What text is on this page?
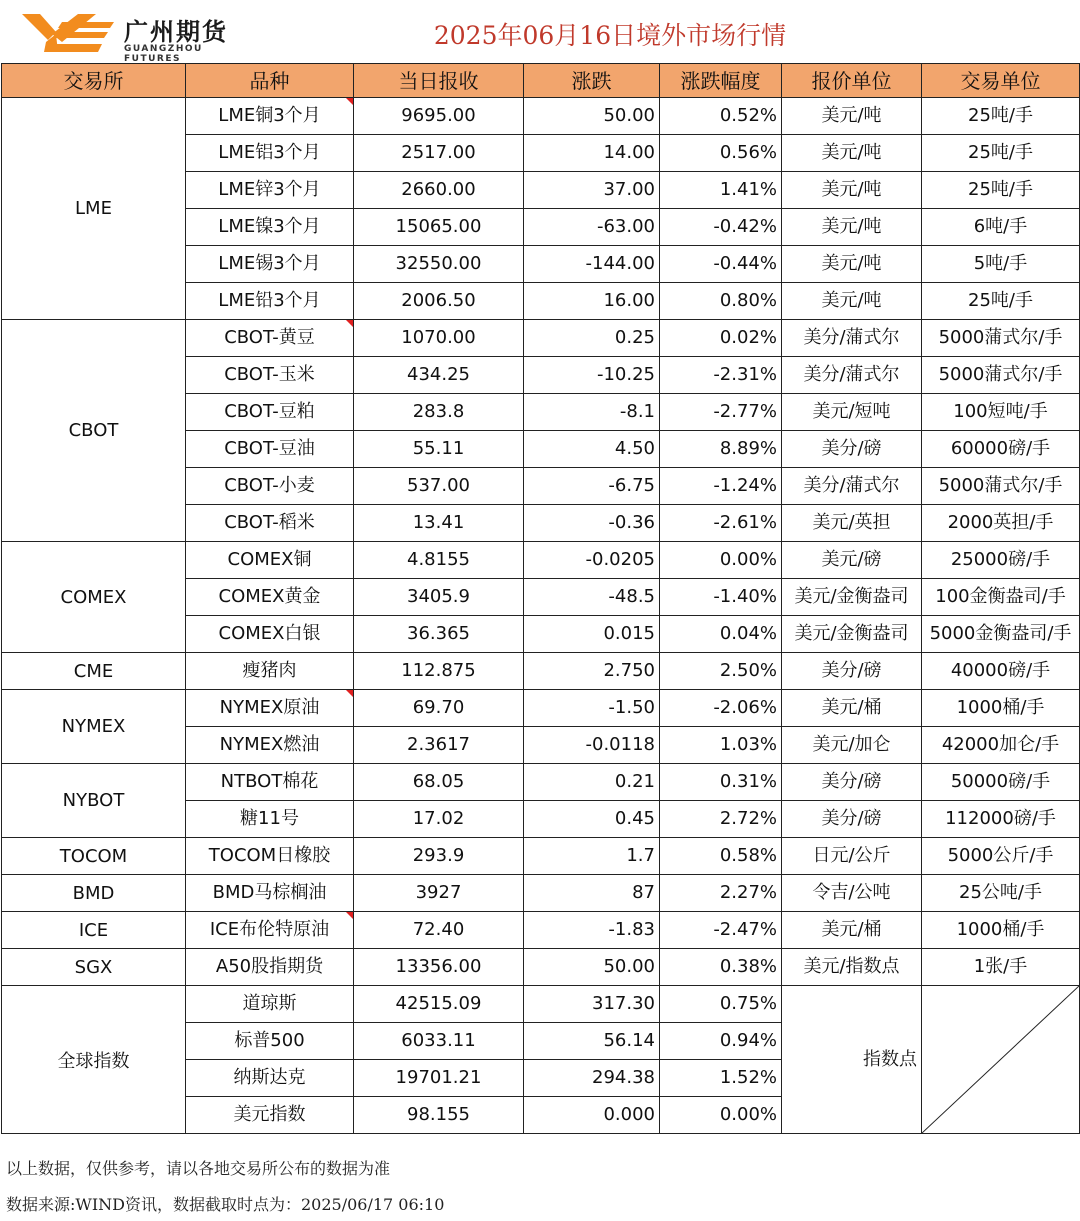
广州期货
GUANGZHOU FUTURES
2025年06月16日境外市场行情
交易所	品种	当日报收	涨跌	涨跌幅度	报价单位	交易单位
LME	LME铜3个月	9695.00	50.00	0.52%	美元/吨	25吨/手
	LME铝3个月	2517.00	14.00	0.56%	美元/吨	25吨/手
	LME锌3个月	2660.00	37.00	1.41%	美元/吨	25吨/手
	LME镍3个月	15065.00	-63.00	-0.42%	美元/吨	6吨/手
	LME锡3个月	32550.00	-144.00	-0.44%	美元/吨	5吨/手
	LME铅3个月	2006.50	16.00	0.80%	美元/吨	25吨/手
CBOT	CBOT-黄豆	1070.00	0.25	0.02%	美分/蒲式尔	5000蒲式尔/手
	CBOT-玉米	434.25	-10.25	-2.31%	美分/蒲式尔	5000蒲式尔/手
	CBOT-豆粕	283.8	-8.1	-2.77%	美元/短吨	100短吨/手
	CBOT-豆油	55.11	4.50	8.89%	美分/磅	60000磅/手
	CBOT-小麦	537.00	-6.75	-1.24%	美分/蒲式尔	5000蒲式尔/手
	CBOT-稻米	13.41	-0.36	-2.61%	美元/英担	2000英担/手
COMEX	COMEX铜	4.8155	-0.0205	0.00%	美元/磅	25000磅/手
	COMEX黄金	3405.9	-48.5	-1.40%	美元/金衡盎司	100金衡盎司/手
	COMEX白银	36.365	0.015	0.04%	美元/金衡盎司	5000金衡盎司/手
CME	瘦猪肉	112.875	2.750	2.50%	美分/磅	40000磅/手
NYMEX	NYMEX原油	69.70	-1.50	-2.06%	美元/桶	1000桶/手
	NYMEX燃油	2.3617	-0.0118	1.03%	美元/加仑	42000加仑/手
NYBOT	NTBOT棉花	68.05	0.21	0.31%	美分/磅	50000磅/手
	糖11号	17.02	0.45	2.72%	美分/磅	112000磅/手
TOCOM	TOCOM日橡胶	293.9	1.7	0.58%	日元/公斤	5000公斤/手
BMD	BMD马棕榈油	3927	87	2.27%	令吉/公吨	25公吨/手
ICE	ICE布伦特原油	72.40	-1.83	-2.47%	美元/桶	1000桶/手
SGX	A50股指期货	13356.00	50.00	0.38%	美元/指数点	1张/手
全球指数	道琼斯	42515.09	317.30	0.75%	指数点	

	标普500	6033.11	56.14	0.94%		
	纳斯达克	19701.21	294.38	1.52%		
	美元指数	98.155	0.000	0.00%		
以上数据，仅供参考，请以各地交易所公布的数据为准
数据来源:WIND资讯，数据截取时点为：2025/06/17 06:10
